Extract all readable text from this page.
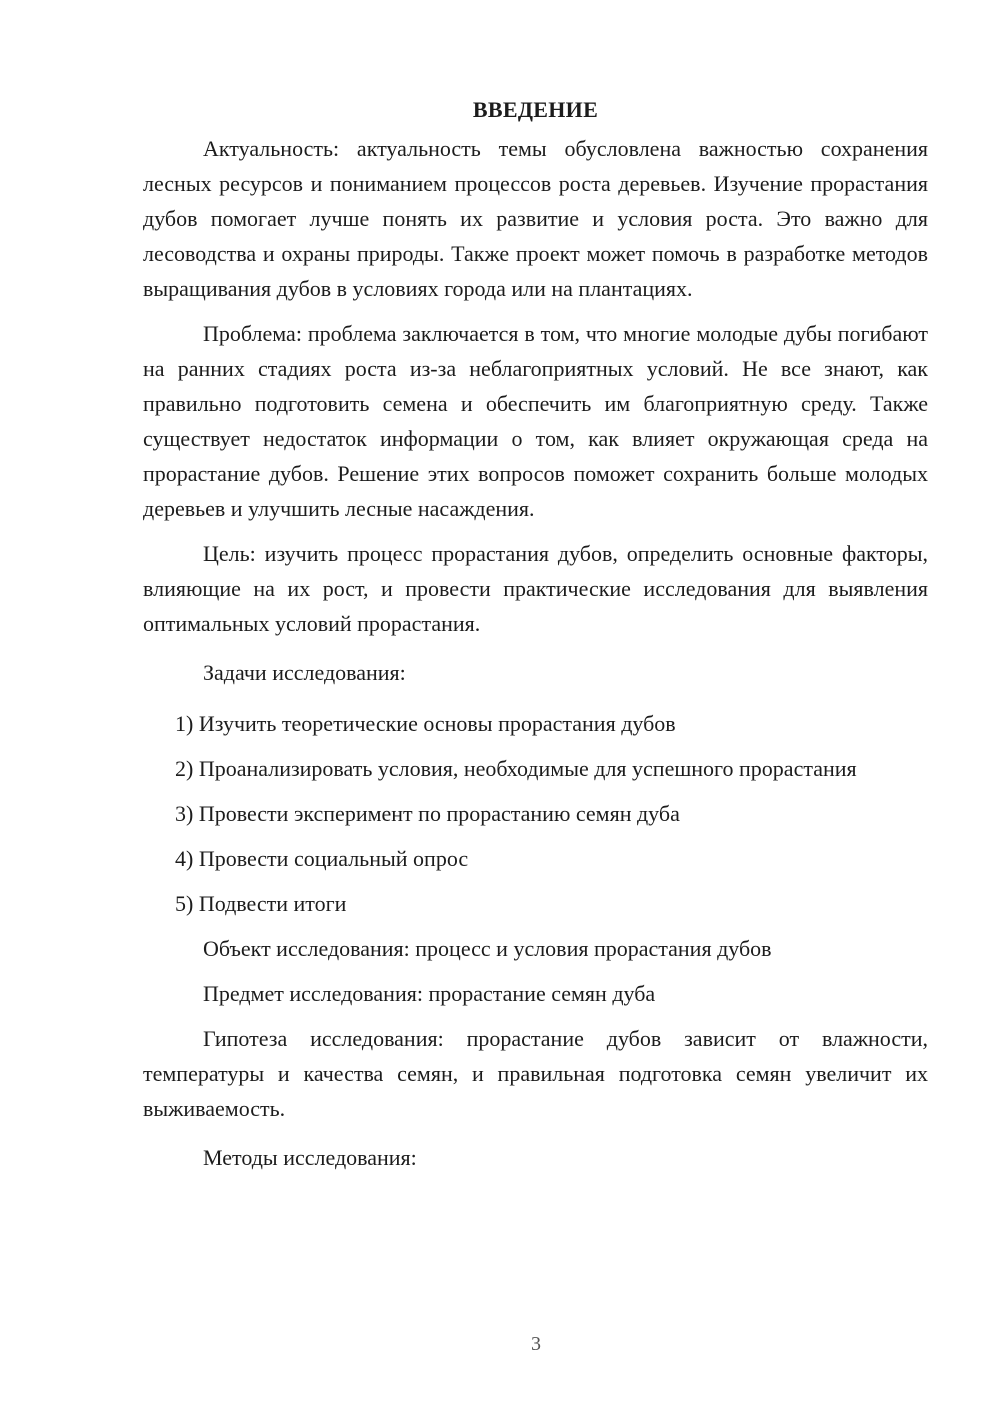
ВВЕДЕНИЕ

Актуальность: актуальность темы обусловлена важностью сохранения лесных ресурсов и пониманием процессов роста деревьев. Изучение прорастания дубов помогает лучше понять их развитие и условия роста. Это важно для лесоводства и охраны природы. Также проект может помочь в разработке методов выращивания дубов в условиях города или на плантациях.

Проблема: проблема заключается в том, что многие молодые дубы погибают на ранних стадиях роста из-за неблагоприятных условий. Не все знают, как правильно подготовить семена и обеспечить им благоприятную среду. Также существует недостаток информации о том, как влияет окружающая среда на прорастание дубов. Решение этих вопросов поможет сохранить больше молодых деревьев и улучшить лесные насаждения.

Цель: изучить процесс прорастания дубов, определить основные факторы, влияющие на их рост, и провести практические исследования для выявления оптимальных условий прорастания.

Задачи исследования:

1) Изучить теоретические основы прорастания дубов

2) Проанализировать условия, необходимые для успешного прорастания

3) Провести эксперимент по прорастанию семян дуба

4) Провести социальный опрос

5) Подвести итоги

Объект исследования: процесс и условия прорастания дубов

Предмет исследования: прорастание семян дуба

Гипотеза исследования: прорастание дубов зависит от влажности, температуры и качества семян, и правильная подготовка семян увеличит их выживаемость.

Методы исследования:

3
